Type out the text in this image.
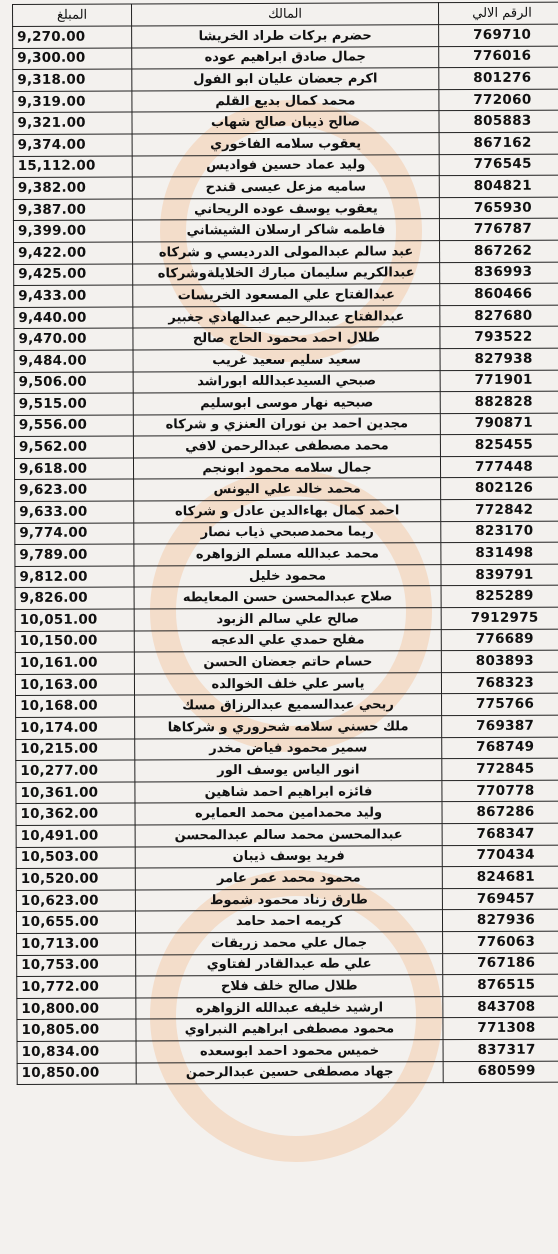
الرقم الالي	المالك	المبلغ
769710	حضرم بركات طراد الخريشا	9,270.00
776016	جمال صادق ابراهيم عوده	9,300.00
801276	اكرم جعضان عليان ابو الفول	9,318.00
772060	محمد كمال بديع القلم	9,319.00
805883	صالح ذيبان صالح شهاب	9,321.00
867162	يعقوب سلامه الفاخوري	9,374.00
776545	وليد عماد حسين فواديس	15,112.00
804821	ساميه مزعل عيسى قندح	9,382.00
765930	يعقوب يوسف عوده الريحاني	9,387.00
776787	فاطمه شاكر ارسلان الشيشاني	9,399.00
867262	عبد سالم عبدالمولى الدرديسي و شركاه	9,422.00
836993	عبدالكريم سليمان مبارك الخلايلةوشركاه	9,425.00
860466	عبدالفتاح علي المسعود الخريسات	9,433.00
827680	عبدالفتاح عبدالرحيم عبدالهادي جغبير	9,440.00
793522	طلال احمد محمود الحاج صالح	9,470.00
827938	سعيد سليم سعيد غريب	9,484.00
771901	صبحي السيدعبدالله ابوراشد	9,506.00
882828	صبحيه نهار موسى ابوسليم	9,515.00
790871	مجدين احمد بن نوران العنزي و شركاه	9,556.00
825455	محمد مصطفى عبدالرحمن لافي	9,562.00
777448	جمال سلامه محمود ابونجم	9,618.00
802126	محمد خالد علي اليونس	9,623.00
772842	احمد كمال بهاءالدين عادل و شركاه	9,633.00
823170	ريما محمدصبحي ذياب نصار	9,774.00
831498	محمد عبدالله مسلم الزواهره	9,789.00
839791	محمود خليل	9,812.00
825289	صلاح عبدالمحسن حسن المعايطه	9,826.00
7912975	صالح علي سالم الزبود	10,051.00
776689	مفلح حمدي علي الدعجه	10,150.00
803893	حسام حاتم جعضان الحسن	10,161.00
768323	ياسر علي خلف الخوالده	10,163.00
775766	ربحي عبدالسميع عبدالرزاق مسك	10,168.00
769387	ملك حسني سلامه شحروري و شركاها	10,174.00
768749	سمير محمود فياض مخدر	10,215.00
772845	انور الياس يوسف الور	10,277.00
770778	فائزه ابراهيم احمد شاهين	10,361.00
867286	وليد محمدامين محمد العمايره	10,362.00
768347	عبدالمحسن محمد سالم عبدالمحسن	10,491.00
770434	فريد يوسف ذيبان	10,503.00
824681	محمود محمد عمر عامر	10,520.00
769457	طارق زناد محمود شموط	10,623.00
827936	كريمه احمد حامد	10,655.00
776063	جمال علي محمد زريقات	10,713.00
767186	علي طه عبدالقادر لفتاوي	10,753.00
876515	طلال صالح خلف فلاح	10,772.00
843708	ارشيد خليفه عبدالله الزواهره	10,800.00
771308	محمود مصطفى ابراهيم النبراوي	10,805.00
837317	خميس محمود احمد ابوسعده	10,834.00
680599	جهاد مصطفى حسين عبدالرحمن	10,850.00
